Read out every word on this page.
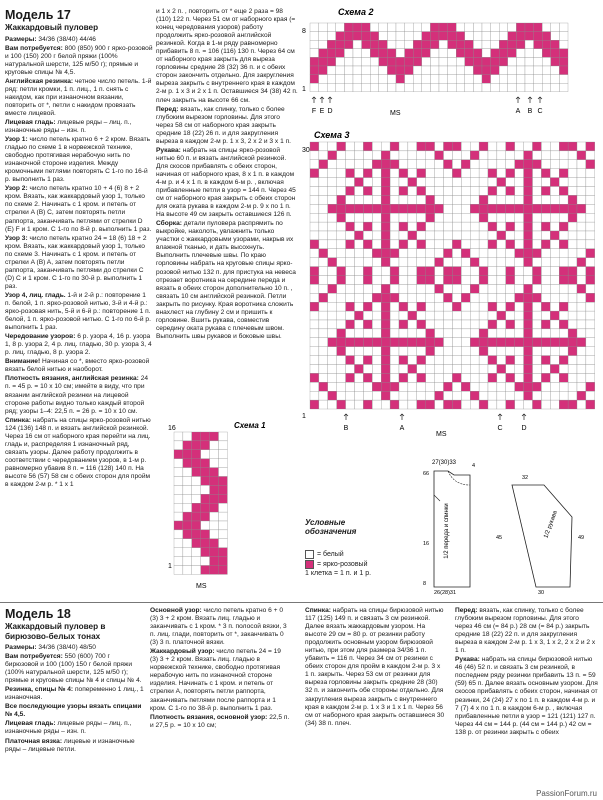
Модель 17
Жаккардовый пуловер

Размеры: 34/36 (38/40) 44/46

Вам потребуется: 800 (850) 900 г ярко-розовой и 100 (150) 200 г белой пряжи (100% натуральной шерсти, 125 м/50 г); прямые и круговые спицы № 4,5.

Английская резинка: четное число петель. 1-й ряд: петли кромки, 1 п. лиц., 1 п. снять с накидом, как при изнаночном вязании, повторить от *, петли с накидом провязать вместе лицевой.

Лицевая гладь: лицевые ряды – лиц. п., изнаночные ряды – изн. п.

Узор 1: число петель кратно 6 + 2 кром. Вязать гладью по схеме 1 в норвежской технике, свободно протягивая нерабочую нить по изнаночной стороне изделия. Между кромочными петлями повторять С 1-го по 16-й р. выполнить 1 раз.

Узор 2: число петель кратно 10 + 4 (6) 8 + 2 кром. Вязать, как жаккардовый узор 1, только по схеме 2. Начинать с 1 кром. и петель от стрелки A (B) C, затем повторять петли раппорта, заканчивать петлями от стрелки D (E) F и 1 кром. С 1-го по 8-й р. выполнить 1 раз.

Узор 3: число петель кратно 24 = 18 (6) 18 + 2 кром. Вязать, как жаккардовый узор 1, только по схеме 3. Начинать с 1 кром. и петель от стрелки A (B) A, затем повторять петли раппорта, заканчивать петлями до стрелки C (D) C и 1 кром. С 1-го по 30-й р. выполнить 1 раз.

Узор 4, лиц. гладь. 1-й и 2-й р.: повторение 1 п. белой, 1 п. ярко-розовой нитью, 3-й и 4-й р.: ярко-розовая нить, 5-й и 6-й р.: повторение 1 п. белой, 1 п. ярко-розовой нитью. С 1-го по 6-й р. выполнить 1 раз.

Чередование узоров: 6 р. узора 4, 16 р. узора 1, 8 р. узора 2, 4 р. лиц. гладью, 30 р. узора 3, 4 р. лиц. гладью, 8 р. узора 2.

Внимание! Начиная со *, вместо ярко-розовой вязать белой нитью и наоборот.

Плотность вязания, английская резинка: 24 п. = 45 р. = 10 х 10 см; имейте в виду, что при вязании английской резинки на лицевой стороне работы видно только каждый второй ряд; узоры 1–4: 22,5 п. = 26 р. = 10 х 10 см.

Спинка: набрать на спицы ярко-розовой нитью 124 (136) 148 п. и вязать английской резинкой. Через 16 см от наборного края перейти на лиц. гладь и, распределяя 1 изнаночный ряд, связать узоры. Далее работу продолжить в соответствии с чередованием узоров, в 1-м р. равномерно убавив 8 п. = 116 (128) 140 п. На высоте 56 (57) 58 см с обеих сторон для пройм в каждом 2-м р. * 1 х 1

и 1 х 2 п. , повторить от * еще 2 раза = 98 (110) 122 п. Через 51 см от наборного края (= конец чередования узоров) работу продолжить ярко-розовой английской резинкой. Когда в 1-м ряду равномерно прибавить 8 п. = 106 (116) 130 п. Через 64 см от наборного края закрыть для выреза горловины средние 28 (32) 36 п. и с обеих сторон закончить отдельно. Для закругления выреза закрыть с внутреннего края в каждом 2-м р. 1 х 3 и 2 х 1 п. Оставшиеся 34 (38) 42 п. плеч закрыть на высоте 66 см.

Перед: вязать, как спинку, только с более глубоким вырезом горловины. Для этого через 58 см от наборного края закрыть средние 18 (22) 26 п. и для закругления выреза в каждом 2-м р. 1 х 3, 2 х 2 и 3 х 1 п.

Рукава: набрать на спицы ярко-розовой нитью 60 п. и вязать английской резинкой. Для скосов прибавлять с обеих сторон, начиная от наборного края, 8 х 1 п. в каждом 4-м р. и 4 х 1 п. в каждом 6-м р. , включая прибавленные петли в узор = 144 п. Через 45 см от наборного края закрыть с обеих сторон для оката рукава в каждом 2-м р. 9 х по 1 п. На высоте 49 см закрыть оставшиеся 126 п.

Сборка: детали пуловера распрямить по выкройке, наколоть, увлажнить только участки с жаккардовыми узорами, накрыв их влажной тканью, и дать высохнуть. Выполнить плечевые швы. По краю горловины набрать на круговые спицы ярко-розовой нитью 132 п. для пристука на невеса отрезает воротника на середине переда и вязать в обеих сторон дополнительно 10 п. , связать 10 см английской резинкой. Петли закрыть по рисунку. Края воротника сложить внахлест на глубину 2 см и пришить к горловине. Вшить рукава, совместив середину оката рукава с плечевым швом. Выполнить швы рукавов и боковые швы.

Схема 2
8
1
F E D	A B C
MS
Схема 3
30
1
B	A	C	D
MS
Схема 1
16
1
MS
Условные обозначения
= белый
= ярко-розовый
1 клетка = 1 п. и 1 р.
27(30)33
1/2 переда и спинки
66
16
8
4
26(28)31
1/2 рукава
45	49
32
30
Модель 18
Жаккардовый пуловер в бирюзово-белых тонах

Размеры: 34/36 (38/40) 48/50

Вам потребуется: 550 (600) 700 г бирюзовой и 100 (100) 150 г белой пряжи (100% натуральной шерсти, 125 м/50 г); прямые и круговые спицы № 4 и спицы № 4.

Резинка, спицы № 4: попеременно 1 лиц., 1 изнаночная.

Все последующие узоры вязать спицами № 4,5.

Лицевая гладь: лицевые ряды – лиц. п., изнаночные ряды – изн. п.

Платочная вязка: лицевые и изнаночные ряды – лицевые петли.

Основной узор: число петель кратно 6 + 0 (3) 3 + 2 кром. Вязать лиц. гладью и заканчивать с 1 кром. * 3 п. полосой вязки, 3 п. лиц. глади, повторить от *, заканчивать 0 (3) 3 п. платочной вязки.

Жаккардовый узор: число петель 24 = 19 (3) 3 + 2 кром. Вязать лиц. гладью в норвежской технике, свободно протягивая нерабочую нить по изнаночной стороне изделия. Начинать с 1 кром. и петель от стрелки A, повторять петли раппорта, заканчивать петлями после раппорта и 1 кром. С 1-го по 38-й р. выполнить 1 раз.

Плотность вязания, основной узор: 22,5 п. и 27,5 р. = 10 х 10 см;

Спинка: набрать на спицы бирюзовой нитью 117 (125) 149 п. и связать 3 см резинкой. Далее вязать жаккардовым узором. На высоте 29 см = 80 р. от резинки работу продолжить основным узором бирюзовой нитью, при этом для размера 34/36 1 п. убавить = 116 п. Через 34 см от резинки с обеих сторон для пройм в каждом 2-м р. 3 х 1 п. закрыть. Через 53 см от резинки для выреза горловины закрыть средние 28 (30) 32 п. и закончить обе стороны отдельно. Для закругления выреза закрыть с внутреннего края в каждом 2-м р. 1 х 3 и 1 х 1 п. Через 56 см от наборного края закрыть оставшиеся 30 (34) 38 п. плеч.

Перед: вязать, как спинку, только с более глубоким вырезом горловины. Для этого через 46 см (= 84 р.) 28 см (= 84 р.) закрыть средние 18 (22) 22 п. и для закругления выреза в каждом 2-м р. 1 х 3, 1 х 2, 2 х 2 и 2 х 1 п.

Рукава: набрать на спицы бирюзовой нитью 46 (46) 52 п. и связать 3 см резинкой, в последнем ряду резинки прибавить 13 п. = 59 (59) 65 п. Далее вязать основным узором. Для скосов прибавлять с обеих сторон, начиная от резинки, 24 (24) 27 х по 1 п. в каждом 4-м р. и 7 (7) 4 х по 1 п. в каждом 6-м р. , включая прибавленные петли в узор = 121 (121) 127 п. Через 44 см = 144 р. (44 см = 144 р.) 42 см = 138 р. от резинки закрыть с обеих

PassionForum.ru
